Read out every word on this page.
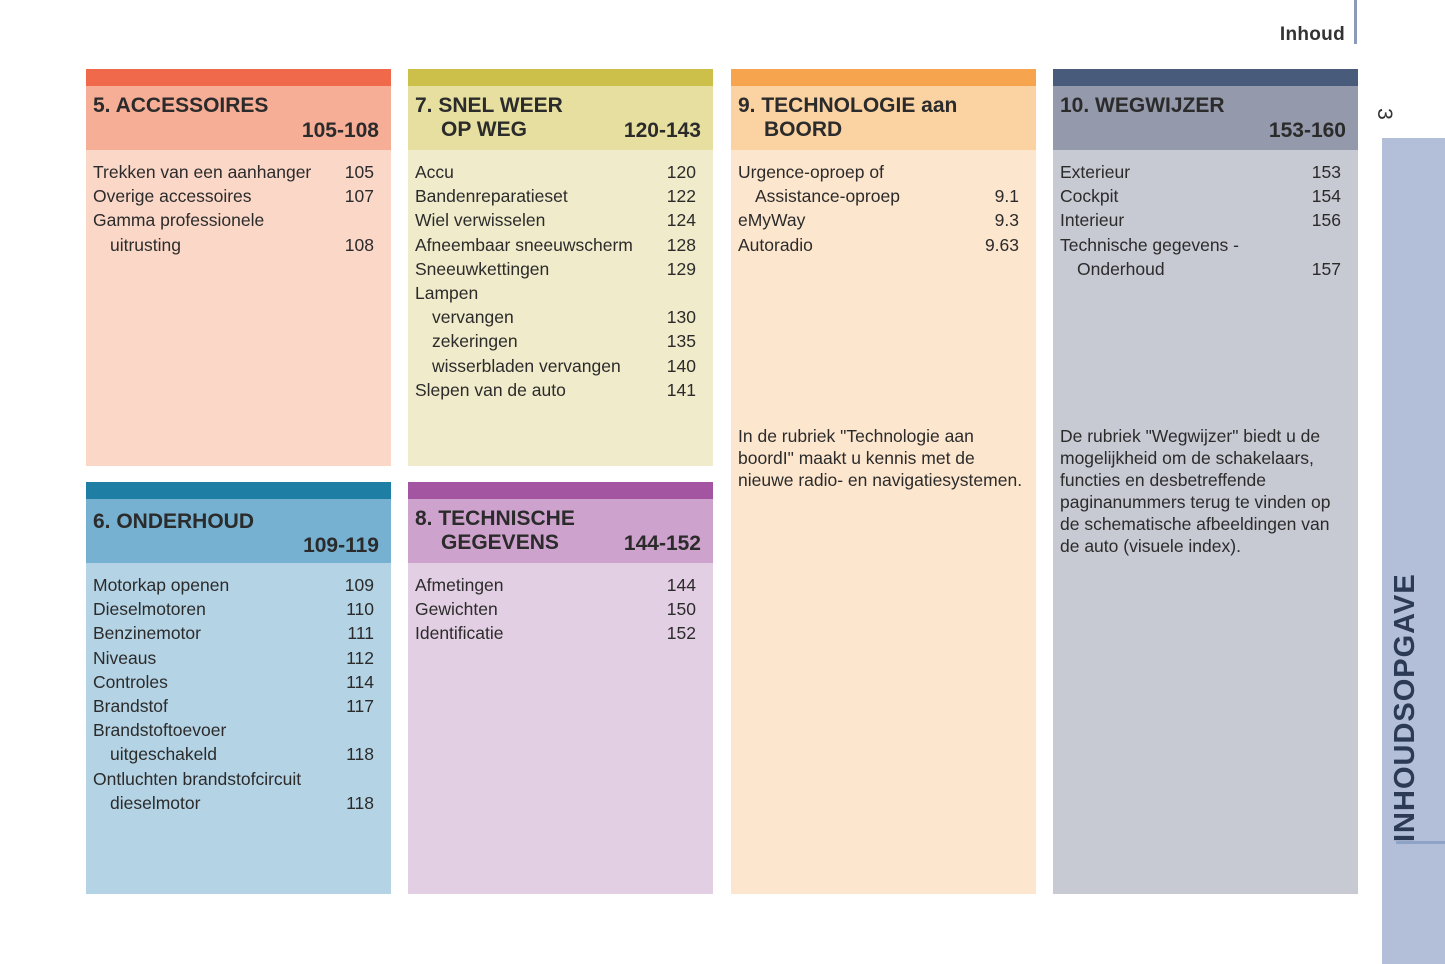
Inhoud
3
INHOUDSOPGAVE
5. ACCESSOIRES
105-108
Trekken van een aanhanger 105
Overige accessoires	107
Gamma professionele
uitrusting	108
7. SNEL WEER
OP WEG	120-143
Accu	120
Bandenreparatieset	122
Wiel verwisselen	124
Afneembaar sneeuwscherm 128
Sneeuwkettingen	129
Lampen
vervangen	130
zekeringen	135
wisserbladen vervangen	140
Slepen van de auto	141
9. TECHNOLOGIE aan
BOORD
Urgence-oproep of
Assistance-oproep	9.1
eMyWay	9.3
Autoradio	9.63
In de rubriek "Technologie aan boordI" maakt u kennis met de nieuwe radio- en navigatiesystemen.
10. WEGWIJZER
153-160
Exterieur	153
Cockpit	154
Interieur	156
Technische gegevens -
Onderhoud	157
De rubriek "Wegwijzer" biedt u de mogelijkheid om de schakelaars, functies en desbetreffende paginanummers terug te vinden op de schematische afbeeldingen van de auto (visuele index).
6. ONDERHOUD
109-119
Motorkap openen	109
Dieselmotoren	110
Benzinemotor	111
Niveaus	112
Controles	114
Brandstof	117
Brandstoftoevoer
uitgeschakeld	118
Ontluchten brandstofcircuit
dieselmotor	118
8. TECHNISCHE
GEGEVENS	144-152
Afmetingen	144
Gewichten	150
Identificatie	152
